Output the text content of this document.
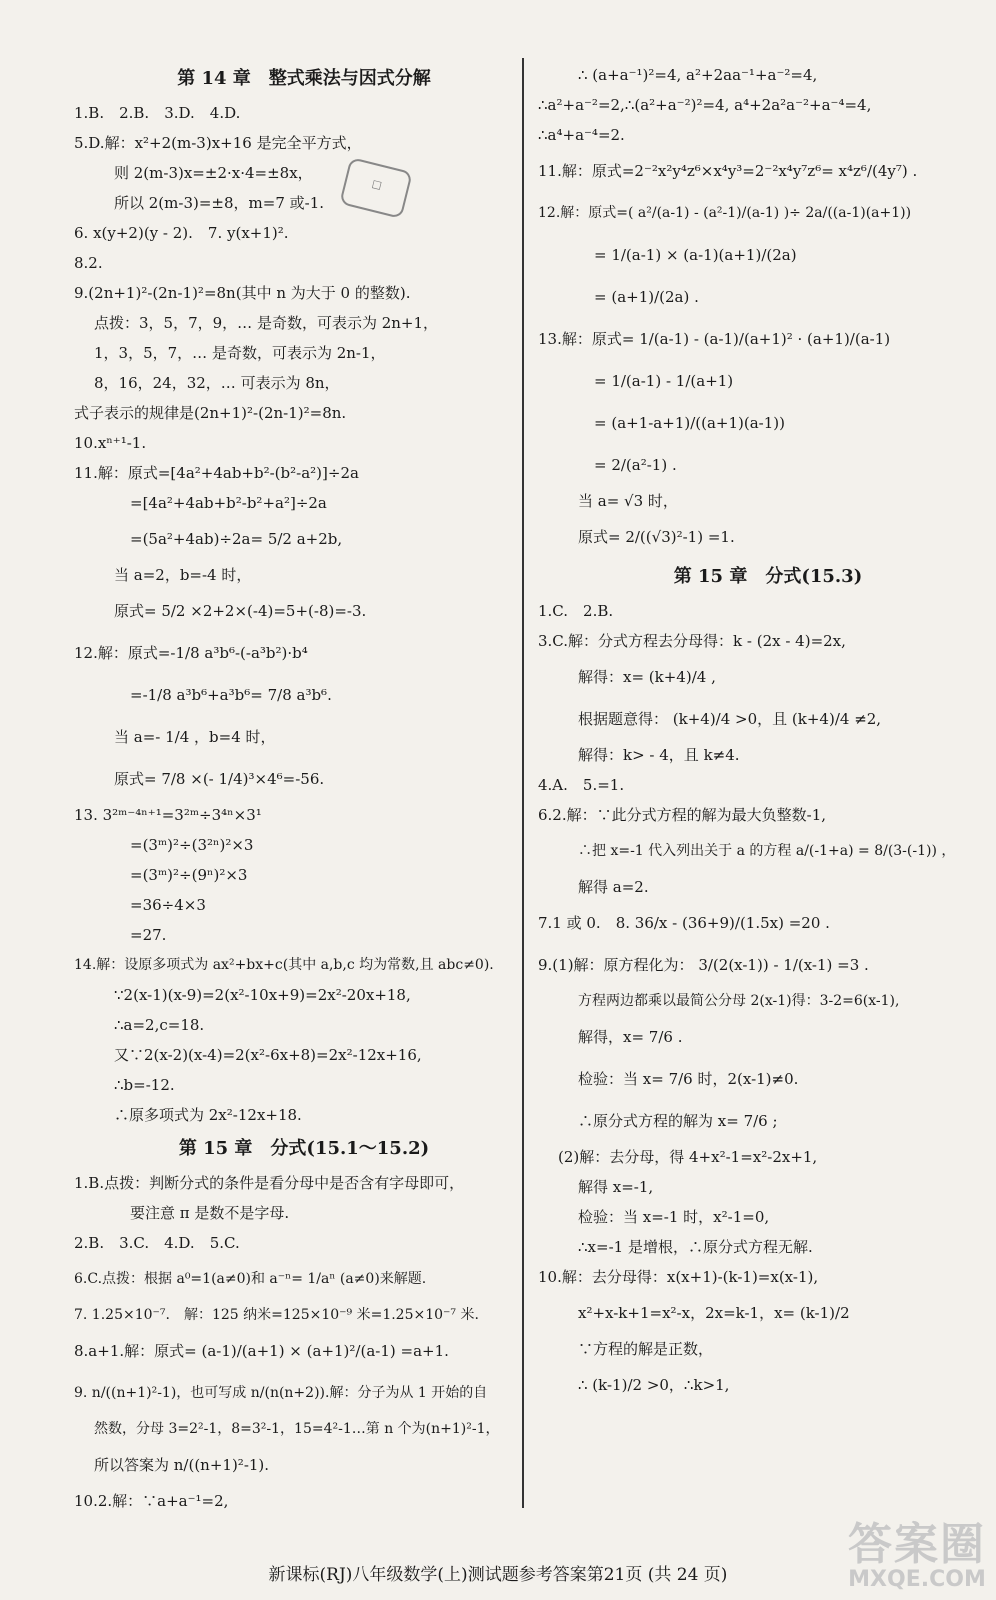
☐
第 14 章　整式乘法与因式分解
1.B.　2.B.　3.D.　4.D.
5.D.解：x²+2(m-3)x+16 是完全平方式，
则 2(m-3)x=±2·x·4=±8x，
所以 2(m-3)=±8，m=7 或-1.
6. x(y+2)(y - 2).　7. y(x+1)².
8.2.
9.(2n+1)²-(2n-1)²=8n(其中 n 为大于 0 的整数).
点拨：3，5，7，9，… 是奇数，可表示为 2n+1，
1，3，5，7，… 是奇数，可表示为 2n-1，
8，16，24，32，… 可表示为 8n，
式子表示的规律是(2n+1)²-(2n-1)²=8n.
10.xⁿ⁺¹-1.
11.解：原式=[4a²+4ab+b²-(b²-a²)]÷2a
=[4a²+4ab+b²-b²+a²]÷2a
=(5a²+4ab)÷2a= 5/2 a+2b,
当 a=2，b=-4 时，
原式= 5/2 ×2+2×(-4)=5+(-8)=-3.
12.解：原式=-1/8 a³b⁶-(-a³b²)·b⁴
=-1/8 a³b⁶+a³b⁶= 7/8 a³b⁶.
当 a=- 1/4 ，b=4 时，
原式= 7/8 ×(- 1/4)³×4⁶=-56.
13. 3²ᵐ⁻⁴ⁿ⁺¹=3²ᵐ÷3⁴ⁿ×3¹
=(3ᵐ)²÷(3²ⁿ)²×3
=(3ᵐ)²÷(9ⁿ)²×3
=36÷4×3
=27.
14.解：设原多项式为 ax²+bx+c(其中 a,b,c 均为常数,且 abc≠0).
∵2(x-1)(x-9)=2(x²-10x+9)=2x²-20x+18,
∴a=2,c=18.
又∵2(x-2)(x-4)=2(x²-6x+8)=2x²-12x+16,
∴b=-12.
∴原多项式为 2x²-12x+18.
第 15 章　分式(15.1～15.2)
1.B.点拨：判断分式的条件是看分母中是否含有字母即可，
要注意 π 是数不是字母.
2.B.　3.C.　4.D.　5.C.
6.C.点拨：根据 a⁰=1(a≠0)和 a⁻ⁿ= 1/aⁿ (a≠0)来解题.
7. 1.25×10⁻⁷.　解：125 纳米=125×10⁻⁹ 米=1.25×10⁻⁷ 米.
8.a+1.解：原式= (a-1)/(a+1) × (a+1)²/(a-1) =a+1.
9. n/((n+1)²-1)，也可写成 n/(n(n+2)).解：分子为从 1 开始的自
然数，分母 3=2²-1，8=3²-1，15=4²-1…第 n 个为(n+1)²-1，
所以答案为 n/((n+1)²-1).
10.2.解：∵a+a⁻¹=2,
∴ (a+a⁻¹)²=4, a²+2aa⁻¹+a⁻²=4,
∴a²+a⁻²=2,∴(a²+a⁻²)²=4, a⁴+2a²a⁻²+a⁻⁴=4,
∴a⁴+a⁻⁴=2.
11.解：原式=2⁻²x²y⁴z⁶×x⁴y³=2⁻²x⁴y⁷z⁶= x⁴z⁶/(4y⁷) .
12.解：原式=( a²/(a-1) - (a²-1)/(a-1) )÷ 2a/((a-1)(a+1))
= 1/(a-1) × (a-1)(a+1)/(2a)
= (a+1)/(2a) .
13.解：原式= 1/(a-1) - (a-1)/(a+1)² · (a+1)/(a-1)
= 1/(a-1) - 1/(a+1)
= (a+1-a+1)/((a+1)(a-1))
= 2/(a²-1) .
当 a= √3 时，
原式= 2/((√3)²-1) =1.
第 15 章　分式(15.3)
1.C.　2.B.
3.C.解：分式方程去分母得：k - (2x - 4)=2x,
解得：x= (k+4)/4 ,
根据题意得： (k+4)/4 >0，且 (k+4)/4 ≠2,
解得：k> - 4，且 k≠4.
4.A.　5.=1.
6.2.解：∵此分式方程的解为最大负整数-1,
∴把 x=-1 代入列出关于 a 的方程 a/(-1+a) = 8/(3-(-1)) ，
解得 a=2.
7.1 或 0.　8. 36/x - (36+9)/(1.5x) =20 .
9.(1)解：原方程化为： 3/(2(x-1)) - 1/(x-1) =3 .
方程两边都乘以最简公分母 2(x-1)得：3-2=6(x-1),
解得，x= 7/6 .
检验：当 x= 7/6 时，2(x-1)≠0.
∴原分式方程的解为 x= 7/6 ;
(2)解：去分母，得 4+x²-1=x²-2x+1,
解得 x=-1,
检验：当 x=-1 时，x²-1=0,
∴x=-1 是增根，∴原分式方程无解.
10.解：去分母得：x(x+1)-(k-1)=x(x-1),
x²+x-k+1=x²-x，2x=k-1，x= (k-1)/2
∵方程的解是正数，
∴ (k-1)/2 >0，∴k>1,
新课标(RJ)八年级数学(上)测试题参考答案第21页 (共 24 页)
答案圈
MXQE.COM
